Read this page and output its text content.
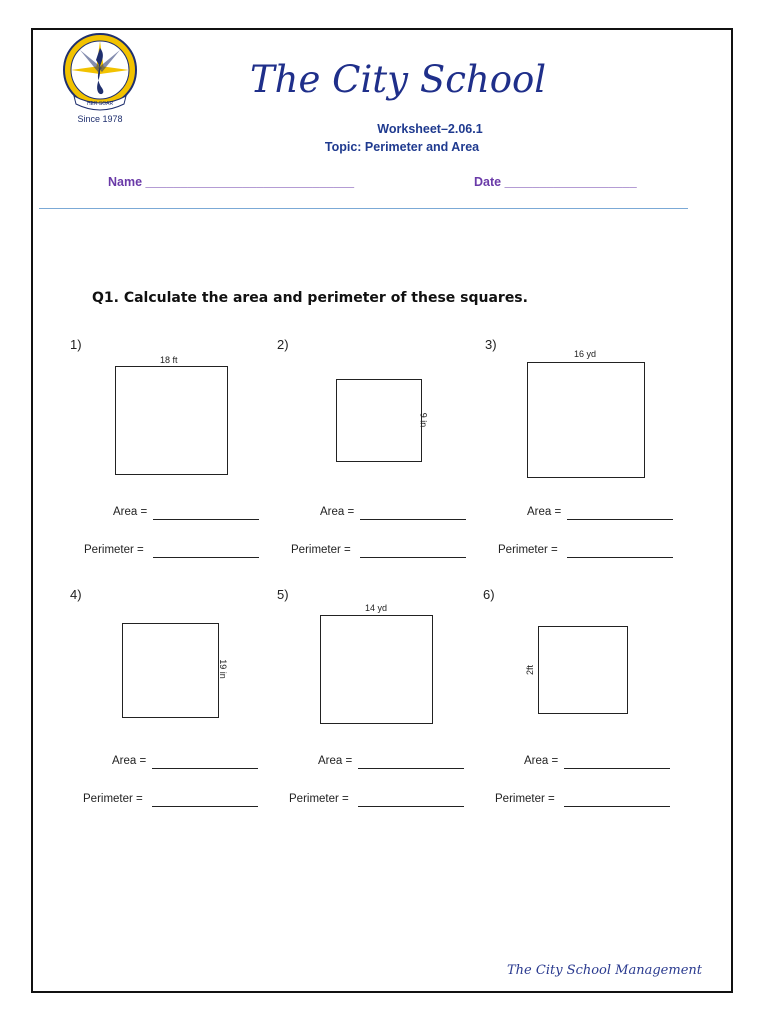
HER SOAR
Since 1978
The City School
Worksheet–2.06.1
Topic: Perimeter and Area
Name ______________________________	Date ___________________
Q1. Calculate the area and perimeter of these squares.
1)
18 ft
2)
9 in
3)
16 yd
Area =
Perimeter =
Area =
Perimeter =
Area =
Perimeter =
4)
19 in
5)
14 yd
6)
2ft
Area =
Perimeter =
Area =
Perimeter =
Area =
Perimeter =
The City School Management
